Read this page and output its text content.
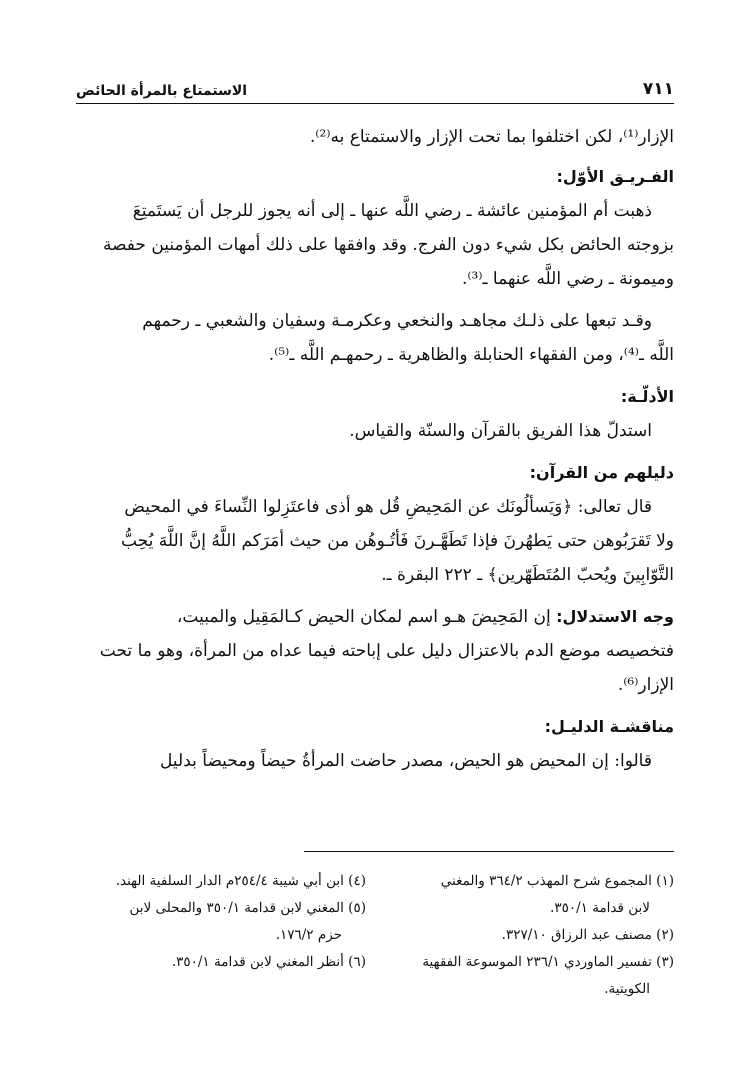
٧١١
الاستمتاع بالمرأة الحائض

الإزار⁽¹⁾، لكن اختلفوا بما تحت الإزار والاستمتاع به⁽²⁾.

الفـريـق الأوّل:

ذهبت أم المؤمنين عائشة ـ رضي اللَّه عنها ـ إلى أنه يجوز للرجل أن يَستَمتِعَ

بزوجته الحائض بكل شيء دون الفرج. وقد وافقها على ذلك أمهات المؤمنين حفصة

وميمونة ـ رضي اللَّه عنهما ـ⁽³⁾.

وقـد تبعها على ذلـك مجاهـد والنخعي وعكرمـة وسفيان والشعبي ـ رحمهم

اللَّه ـ⁽⁴⁾، ومن الفقهاء الحنابلة والظاهرية ـ رحمهـم اللَّه ـ⁽⁵⁾.

الأدلّـة:

استدلّ هذا الفريق بالقرآن والسنّة والقياس.

دليلهم من القرآن:

قال تعالى: ﴿وَيَسألُونَك عن المَحِيضِ قُل هو أذى فاعتَزِلوا النِّساءَ في المحيض

ولا تَقرَبُوهن حتى يَطهُرنَ فإذا تَطَهَّـرنَ فَأتُـوهُن من حيث أمَرَكم اللَّهُ إنَّ اللَّهَ يُحِبُّ

التَّوّابِينَ ويُحبّ المُتَطَهّرين﴾ ـ ٢٢٢ البقرة ـ.

وجه الاستدلال: إن المَحِيضَ هـو اسم لمكان الحيض كـالمَقِيل والمبيت،

فتخصيصه موضع الدم بالاعتزال دليل على إباحته فيما عداه من المرأة، وهو ما تحت

الإزار⁽⁶⁾.

مناقشـة الدليـل:

قالوا: إن المحيض هو الحيض، مصدر حاضت المرأةُ حيضاً ومحيضاً بدليل

(١) المجموع شرح المهذب ٣٦٤/٢ والمغني

لابن قدامة ٣٥٠/١.

(٢) مصنف عبد الرزاق ٣٢٧/١٠.

(٣) تفسير الماوردي ٢٣٦/١ الموسوعة الفقهية

الكويتية.

(٤) ابن أبي شيبة ٢٥٤/٤م الدار السلفية الهند.

(٥) المغني لابن قدامة ٣٥٠/١ والمحلى لابن

حزم ١٧٦/٢.

(٦) أنظر المغني لابن قدامة ٣٥٠/١.
